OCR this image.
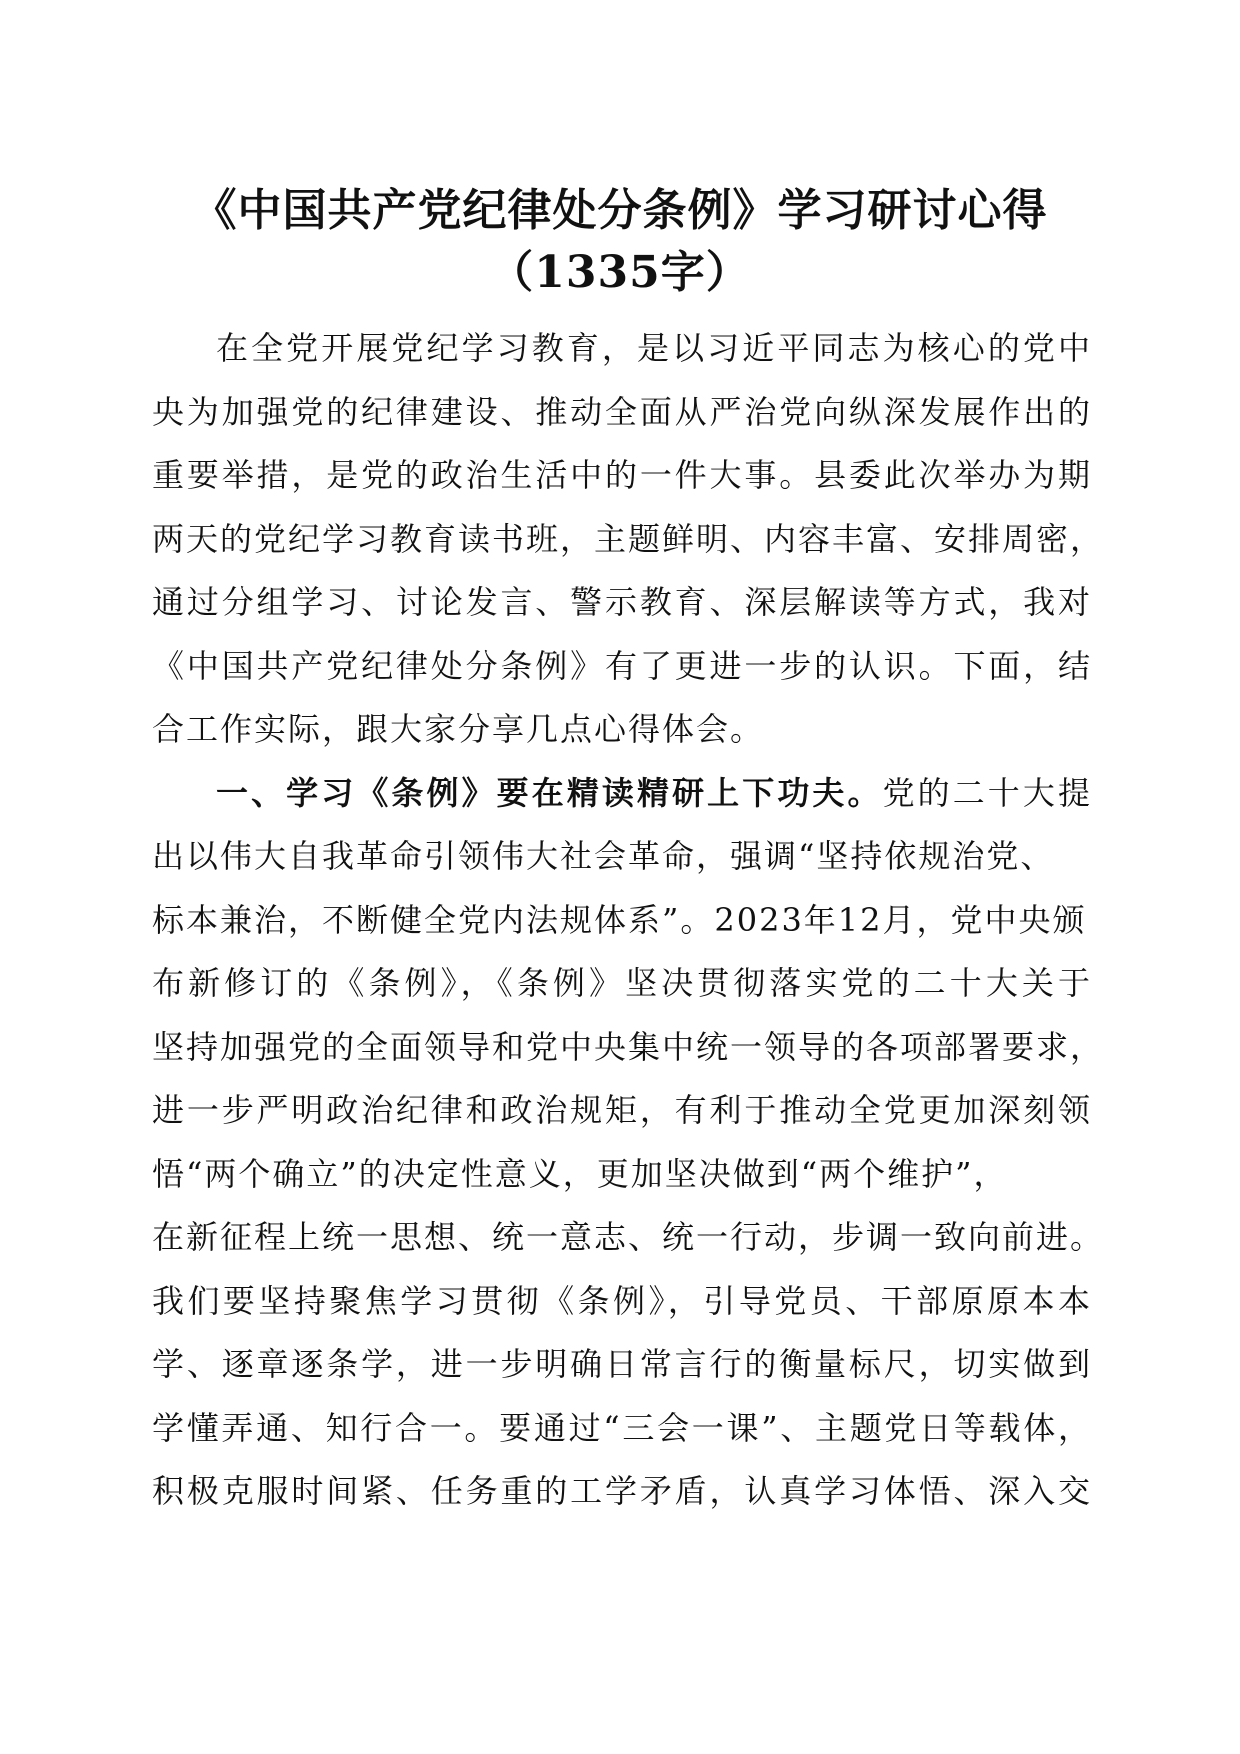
《中国共产党纪律处分条例》学习研讨心得
（1335字）
在全党开展党纪学习教育，是以习近平同志为核心的党中
央为加强党的纪律建设、推动全面从严治党向纵深发展作出的
重要举措，是党的政治生活中的一件大事。县委此次举办为期
两天的党纪学习教育读书班，主题鲜明、内容丰富、安排周密，
通过分组学习、讨论发言、警示教育、深层解读等方式，我对
《中国共产党纪律处分条例》有了更进一步的认识。下面，结
合工作实际，跟大家分享几点心得体会。
一、学习《条例》要在精读精研上下功夫。党的二十大提
出以伟大自我革命引领伟大社会革命，强调“坚持依规治党、
标本兼治，不断健全党内法规体系”。2023年12月，党中央颁
布新修订的《条例》，《条例》坚决贯彻落实党的二十大关于
坚持加强党的全面领导和党中央集中统一领导的各项部署要求，
进一步严明政治纪律和政治规矩，有利于推动全党更加深刻领
悟“两个确立”的决定性意义，更加坚决做到“两个维护”，
在新征程上统一思想、统一意志、统一行动，步调一致向前进。
我们要坚持聚焦学习贯彻《条例》，引导党员、干部原原本本
学、逐章逐条学，进一步明确日常言行的衡量标尺，切实做到
学懂弄通、知行合一。要通过“三会一课”、主题党日等载体，
积极克服时间紧、任务重的工学矛盾，认真学习体悟、深入交
